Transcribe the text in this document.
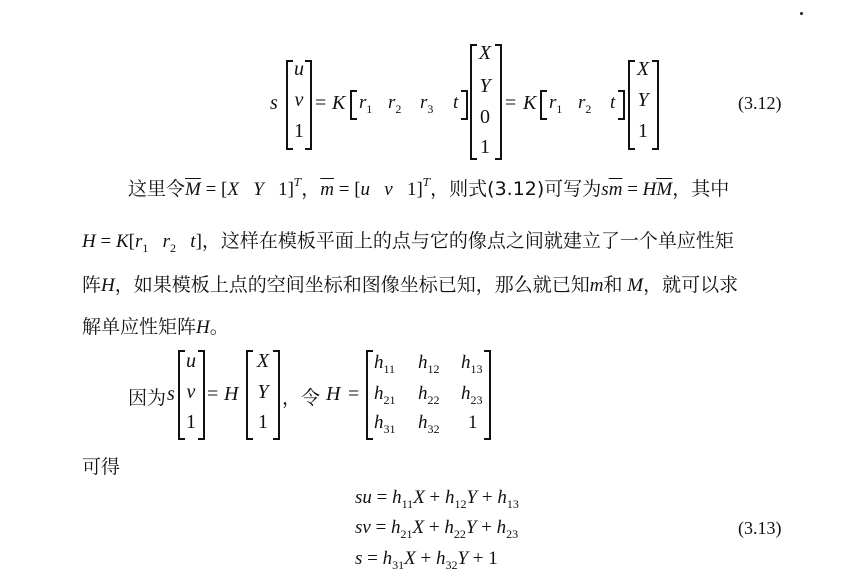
s
u
v
1
= K $r_1$ $r_2$ $r_3$ t
X
Y
0
1
= K $r_1$ $r_2$ t
X
Y
1
(3.12)
这里令$\overline{M} = [X$   Y   1]$^T$，$\overline{m} = [u$   v   1]$^T$，则式(3.12)可写为$s\overline{m} = H\overline{M}$，其中
$H = K[r_1$   $r_2$   t]，这样在模板平面上的点与它的像点之间就建立了一个单应性矩
阵H，如果模板上点的空间坐标和图像坐标已知，那么就已知m和 M，就可以求
解单应性矩阵H。
因为 s
u
v
1
= H
X
Y
1
，令 H =
$h_{11}$ $h_{12}$ $h_{13}$
$h_{21}$ $h_{22}$ $h_{23}$
$h_{31}$ $h_{32}$ 1
可得
su = $h_{11}X + h_{12}Y + h_{13}$
sv = $h_{21}X + h_{22}Y + h_{23}$
$s = h_{31}X + h_{32}Y + 1$
(3.13)
